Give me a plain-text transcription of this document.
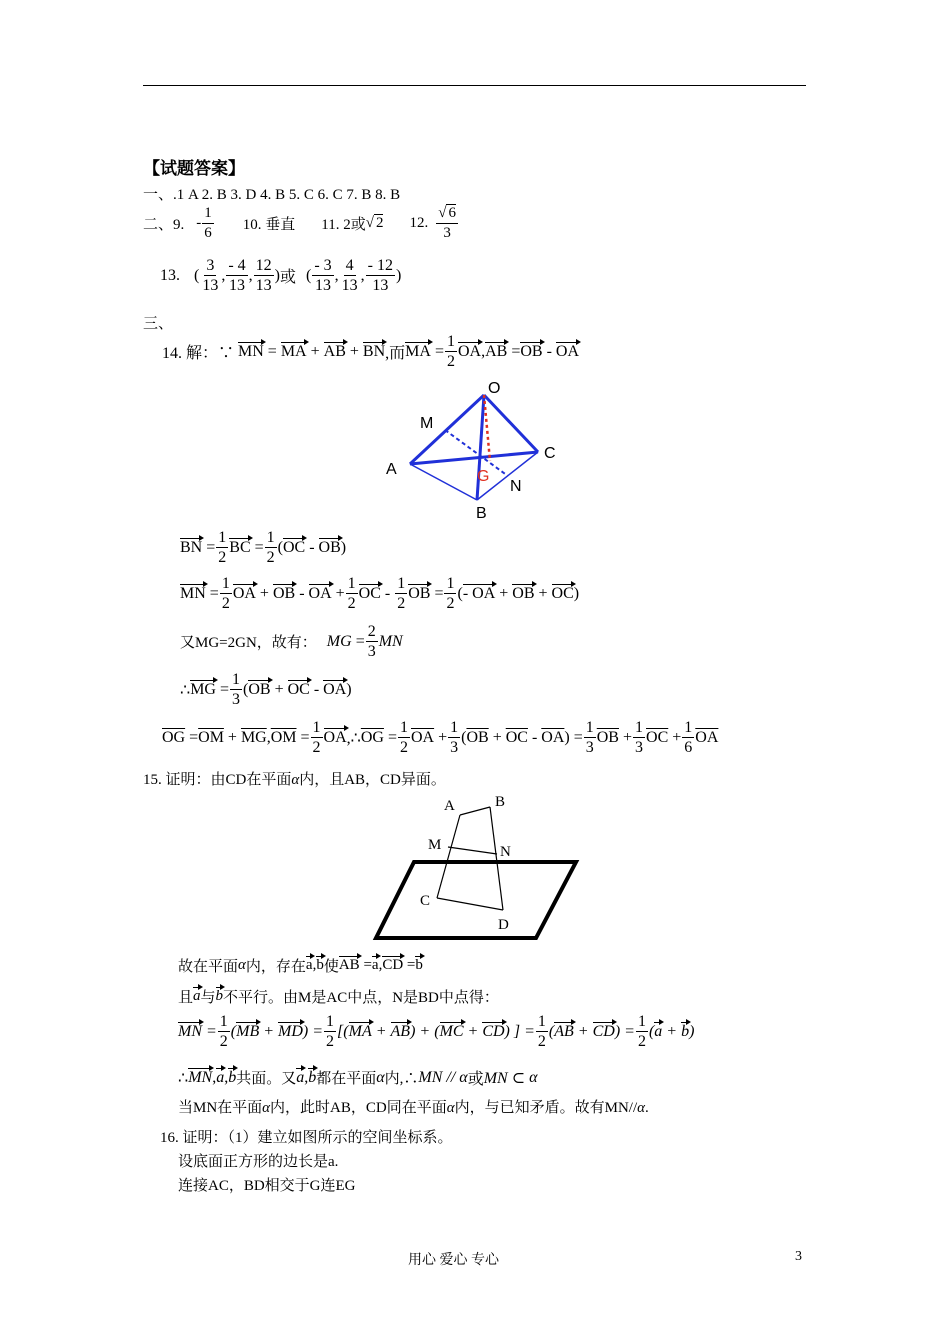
【试题答案】
一、.1 A 2. B 3. D 4. B 5. C 6. C 7. B 8. B
二、9. - $\frac{1}{6} 10$. 垂直 11. 2或 √ 2 12. $\frac{√ 6}{3}$
13. ( $\frac{3}{13}$ , $\frac{- 4}{13}$ , $\frac{12}{13}$ ) 或 ( $\frac{- 3}{13}$ , $\frac{4}{13}$ , $\frac{- 12}{13}$ )
三、
14. 解：∵ MN = MA + AB + BN ,而 MA = $\frac{1}{2}$ OA , AB = OB - OA
O
M
A
C
N
B
G
BN = $\frac{1}{2}$ BC = $\frac{1}{2}$ ( OC - OB )
MN = $\frac{1}{2}$ OA + OB - OA + $\frac{1}{2}$ OC - $\frac{1}{2}$ OB = $\frac{1}{2}$ ( - OA + OB + OC )
又MG=2GN，故有： MG = $\frac{2}{3}$ MN
∴ MG = $\frac{1}{3}$ ( OB + OC - OA )
$\overline{OG} = \overline{OM} + \overline{MG}$ , $\overline{OM} = \frac{1}{2}$ OA ,∴ $\overline{OG} = \frac{1}{2} \overline{OA} + \frac{1}{3}$ ( $\overline{OB} + \overline{OC} - \overline{OA}$ ) = $\frac{1}{3} \overline{OB} + \frac{1}{3} \overline{OC} + \frac{1}{6} \overline{OA}$
15. 证明：由CD在平面α内，且AB，CD异面。
A	B
M	N
C
D
故在平面 α 内，存在 a , b 使 AB = a , CD = b
且 a 与 b 不平行。由M是AC中点，N是BD中点得：
MN = $\frac{1}{2}$ ( MB + MD ) = $\frac{1}{2}$ [( MA + AB ) + ( MC + CD ) ] = $\frac{1}{2}$ ( AB + CD ) = $\frac{1}{2}$ ( a + b )
∴ MN , a , b 共面。又 a , b 都在平面 α 内,∴ MN //
α 或 MN ⊂
α
当MN在平面α内，此时AB，CD同在平面α内，与已知矛盾。故有MN//α.
16. 证明：（1）建立如图所示的空间坐标系。
设底面正方形的边长是a.
连接AC，BD相交于G连EG
用心 爱心 专心	3
